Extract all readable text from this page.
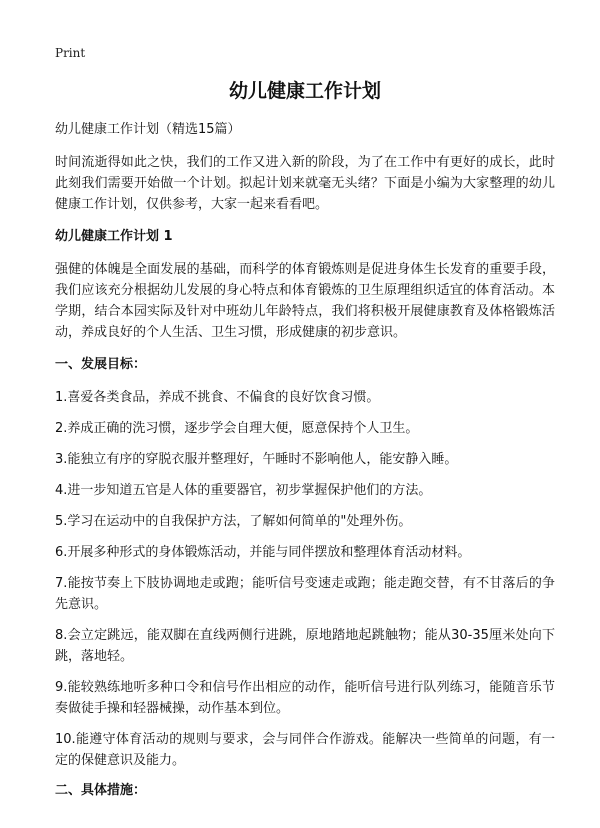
Print
幼儿健康工作计划
幼儿健康工作计划（精选15篇）

时间流逝得如此之快，我们的工作又进入新的阶段，为了在工作中有更好的成长，此时此刻我们需要开始做一个计划。拟起计划来就毫无头绪？下面是小编为大家整理的幼儿健康工作计划，仅供参考，大家一起来看看吧。

幼儿健康工作计划 1

强健的体魄是全面发展的基础，而科学的体育锻炼则是促进身体生长发育的重要手段，我们应该充分根据幼儿发展的身心特点和体育锻炼的卫生原理组织适宜的体育活动。本学期，结合本园实际及针对中班幼儿年龄特点，我们将积极开展健康教育及体格锻炼活动，养成良好的个人生活、卫生习惯，形成健康的初步意识。

一、发展目标：

1.喜爱各类食品，养成不挑食、不偏食的良好饮食习惯。

2.养成正确的洗习惯，逐步学会自理大便，愿意保持个人卫生。

3.能独立有序的穿脱衣服并整理好，午睡时不影响他人，能安静入睡。

4.进一步知道五官是人体的重要器官，初步掌握保护他们的方法。

5.学习在运动中的自我保护方法，了解如何简单的"处理外伤。

6.开展多种形式的身体锻炼活动，并能与同伴摆放和整理体育活动材料。

7.能按节奏上下肢协调地走或跑；能听信号变速走或跑；能走跑交替，有不甘落后的争先意识。

8.会立定跳远，能双脚在直线两侧行进跳，原地踏地起跳触物；能从30-35厘米处向下跳，落地轻。

9.能较熟练地听多种口令和信号作出相应的动作，能听信号进行队列练习，能随音乐节奏做徒手操和轻器械操，动作基本到位。

10.能遵守体育活动的规则与要求，会与同伴合作游戏。能解决一些简单的问题，有一定的保健意识及能力。

二、具体措施：
